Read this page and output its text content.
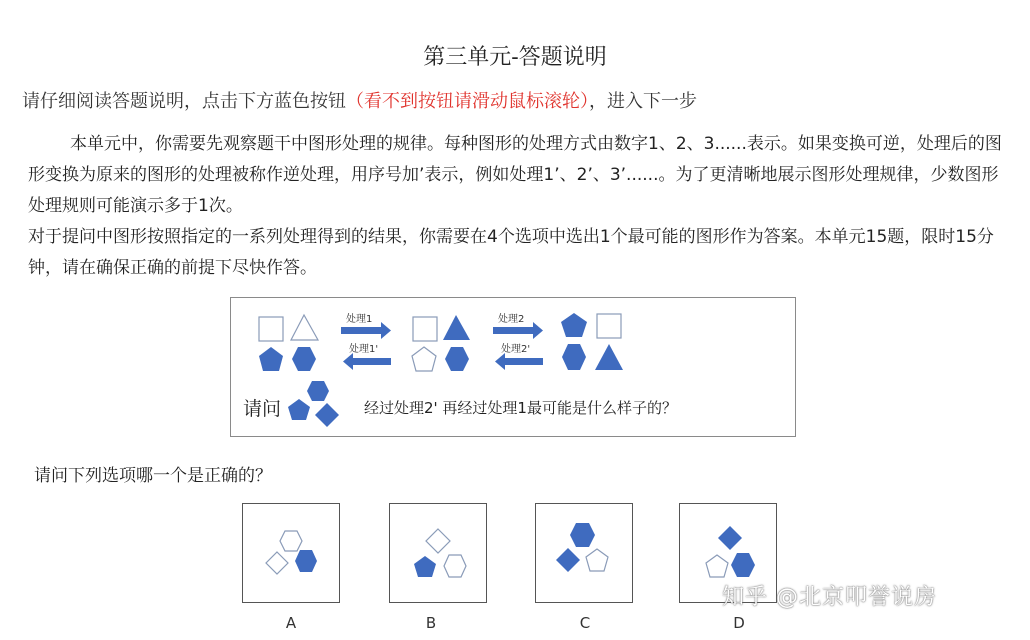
第三单元-答题说明
请仔细阅读答题说明，点击下方蓝色按钮（看不到按钮请滑动鼠标滚轮），进入下一步

本单元中，你需要先观察题干中图形处理的规律。每种图形的处理方式由数字1、2、3......表示。如果变换可逆，处理后的图形变换为原来的图形的处理被称作逆处理，用序号加’表示，例如处理1’、2’、3’......。为了更清晰地展示图形处理规律，少数图形处理规则可能演示多于1次。

对于提问中图形按照指定的一系列处理得到的结果，你需要在4个选项中选出1个最可能的图形作为答案。本单元15题，限时15分钟，请在确保正确的前提下尽快作答。

处理1
处理1'
处理2
处理2'
请问	经过处理2' 再经过处理1最可能是什么样子的？
请问下列选项哪一个是正确的？
A	B	C	D
知乎 @北京叩誉说房
